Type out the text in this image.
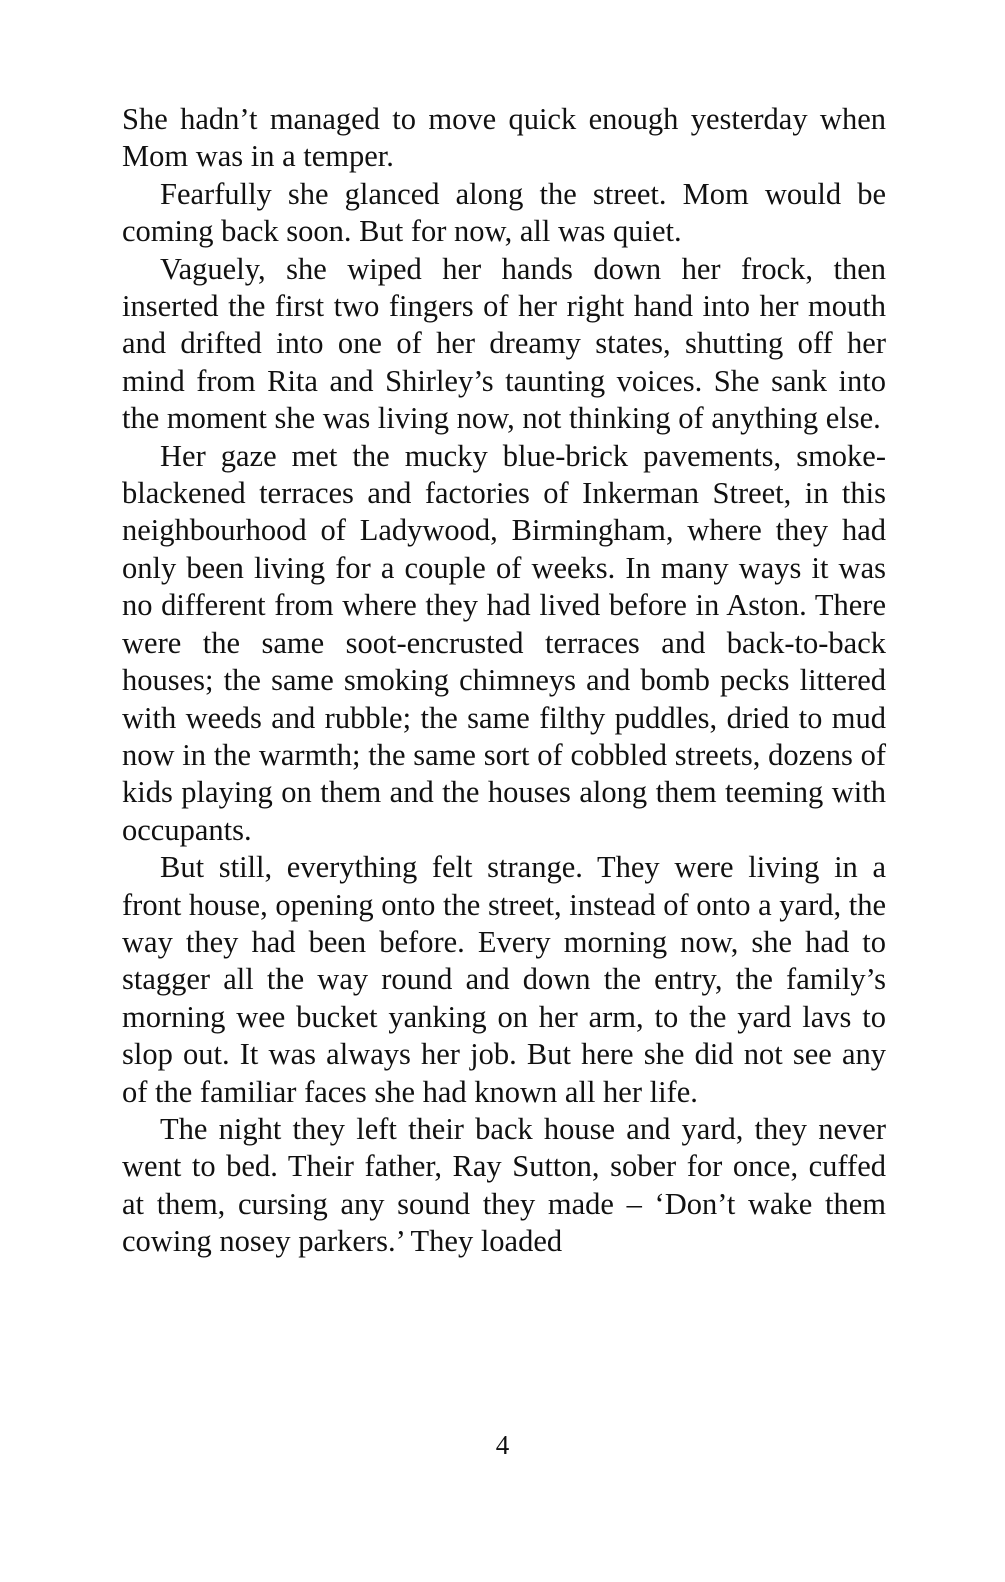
She hadn’t managed to move quick enough yesterday when Mom was in a temper.

Fearfully she glanced along the street. Mom would be coming back soon. But for now, all was quiet.

Vaguely, she wiped her hands down her frock, then inserted the first two fingers of her right hand into her mouth and drifted into one of her dreamy states, shutting off her mind from Rita and Shirley’s taunting voices. She sank into the moment she was living now, not thinking of anything else.

Her gaze met the mucky blue-brick pavements, smoke-blackened terraces and factories of Inkerman Street, in this neighbourhood of Ladywood, Birmingham, where they had only been living for a couple of weeks. In many ways it was no different from where they had lived before in Aston. There were the same soot-encrusted terraces and back-to-back houses; the same smoking chimneys and bomb pecks littered with weeds and rubble; the same filthy puddles, dried to mud now in the warmth; the same sort of cobbled streets, dozens of kids playing on them and the houses along them teeming with occupants.

But still, everything felt strange. They were living in a front house, opening onto the street, instead of onto a yard, the way they had been before. Every morning now, she had to stagger all the way round and down the entry, the family’s morning wee bucket yanking on her arm, to the yard lavs to slop out. It was always her job. But here she did not see any of the familiar faces she had known all her life.

The night they left their back house and yard, they never went to bed. Their father, Ray Sutton, sober for once, cuffed at them, cursing any sound they made – ‘Don’t wake them cowing nosey parkers.’ They loaded

4
